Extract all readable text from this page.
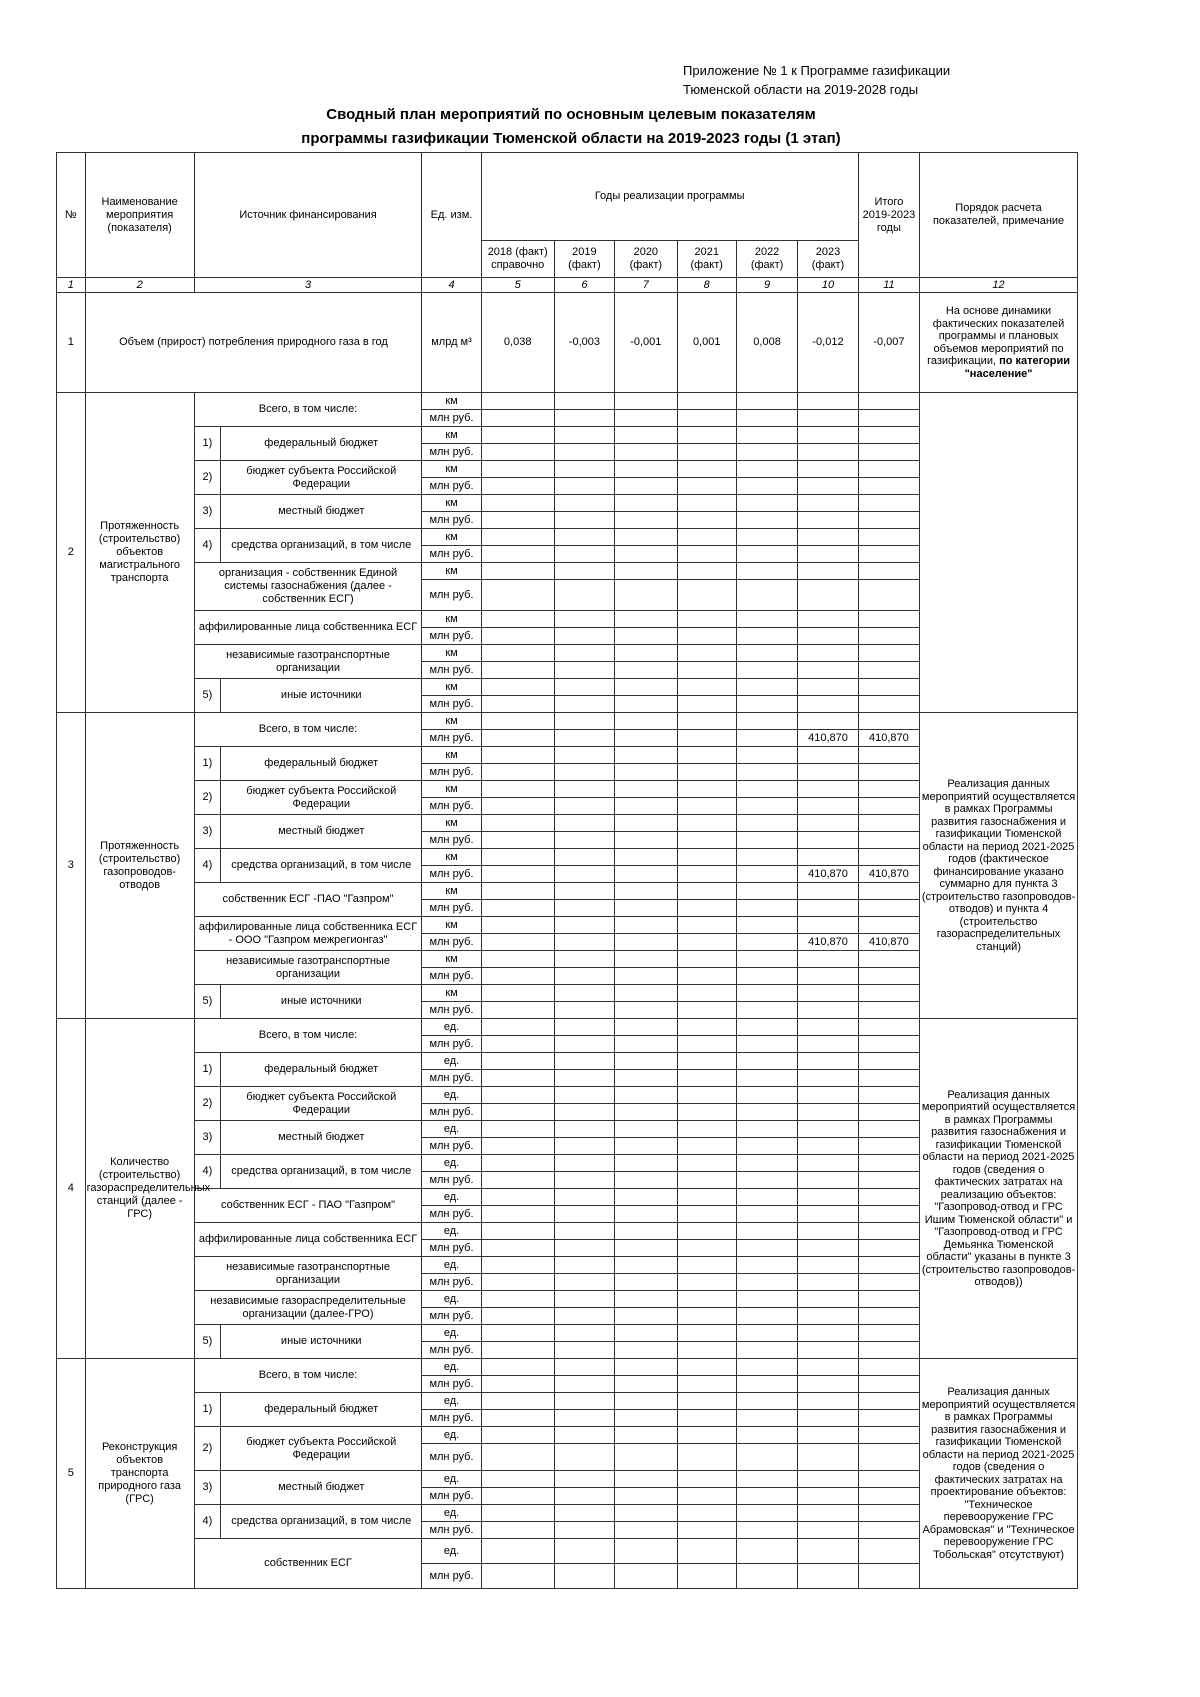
Приложение № 1 к Программе газификации
Тюменской области на 2019-2028 годы
Сводный план мероприятий по основным целевым показателям
программы газификации Тюменской области на 2019-2023 годы (1 этап)
№	Наименование мероприятия (показателя)	Источник финансирования		Ед. изм.	Годы реализации программы						Итого 2019-2023 годы	Порядок расчета показателей, примечание
					2018 (факт) справочно	2019 (факт)	2020 (факт)	2021 (факт)	2022 (факт)	2023 (факт)		
1	2	3		4	5	6	7	8	9	10	11	12
1	Объем (прирост) потребления природного газа в год			млрд м³	0,038	-0,003	-0,001	0,001	0,008	-0,012	-0,007	На основе динамики фактических показателей программы и плановых объемов мероприятий по газификации, по категории "население"
2	Протяженность (строительство) объектов магистрального транспорта	Всего, в том числе:		км								
				млн руб.								
		1)	федеральный бюджет	км								
				млн руб.								
		2)	бюджет субъекта Российской Федерации	км								
				млн руб.								
		3)	местный бюджет	км								
				млн руб.								
		4)	средства организаций, в том числе	км								
				млн руб.								
		организация - собственник Единой системы газоснабжения (далее - собственник ЕСГ)		км								
				млн руб.								
		аффилированные лица собственника ЕСГ		км								
				млн руб.								
		независимые газотранспортные организации		км								
				млн руб.								
		5)	иные источники	км								
				млн руб.								
3	Протяженность (строительство) газопроводов-отводов	Всего, в том числе:		км								Реализация данных мероприятий осуществляется в рамках Программы развития газоснабжения и газификации Тюменской области на период 2021-2025 годов (фактическое финансирование указано суммарно для пункта 3 (строительство газопроводов-отводов) и пункта 4 (строительство газораспределительных станций)
				млн руб.						410,870	410,870	
		1)	федеральный бюджет	км								
				млн руб.								
		2)	бюджет субъекта Российской Федерации	км								
				млн руб.								
		3)	местный бюджет	км								
				млн руб.								
		4)	средства организаций, в том числе	км								
				млн руб.						410,870	410,870	
		собственник ЕСГ -ПАО "Газпром"		км								
				млн руб.								
		аффилированные лица собственника ЕСГ - ООО "Газпром межрегионгаз"		км								
				млн руб.						410,870	410,870	
		независимые газотранспортные организации		км								
				млн руб.								
		5)	иные источники	км								
				млн руб.								
4	Количество (строительство) газораспределительных станций (далее - ГРС)	Всего, в том числе:		ед.								Реализация данных мероприятий осуществляется в рамках Программы развития газоснабжения и газификации Тюменской области на период 2021-2025 годов (сведения о фактических затратах на реализацию объектов: "Газопровод-отвод и ГРС Ишим Тюменской области" и "Газопровод-отвод и ГРС Демьянка Тюменской области" указаны в пункте 3 (строительство газопроводов-отводов))
				млн руб.								
		1)	федеральный бюджет	ед.								
				млн руб.								
		2)	бюджет субъекта Российской Федерации	ед.								
				млн руб.								
		3)	местный бюджет	ед.								
				млн руб.								
		4)	средства организаций, в том числе	ед.								
				млн руб.								
		собственник ЕСГ - ПАО "Газпром"		ед.								
				млн руб.								
		аффилированные лица собственника ЕСГ		ед.								
				млн руб.								
		независимые газотранспортные организации		ед.								
				млн руб.								
		независимые газораспределительные организации (далее-ГРО)		ед.								
				млн руб.								
		5)	иные источники	ед.								
				млн руб.								
5	Реконструкция объектов транспорта природного газа (ГРС)	Всего, в том числе:		ед.								Реализация данных мероприятий осуществляется в рамках Программы развития газоснабжения и газификации Тюменской области на период 2021-2025 годов (сведения о фактических затратах на проектирование объектов: "Техническое перевооружение ГРС Абрамовская" и "Техническое перевооружение ГРС Тобольская" отсутствуют)
				млн руб.								
		1)	федеральный бюджет	ед.								
				млн руб.								
		2)	бюджет субъекта Российской Федерации	ед.								
				млн руб.								
		3)	местный бюджет	ед.								
				млн руб.								
		4)	средства организаций, в том числе	ед.								
				млн руб.								
		собственник ЕСГ		ед.								
				млн руб.								
